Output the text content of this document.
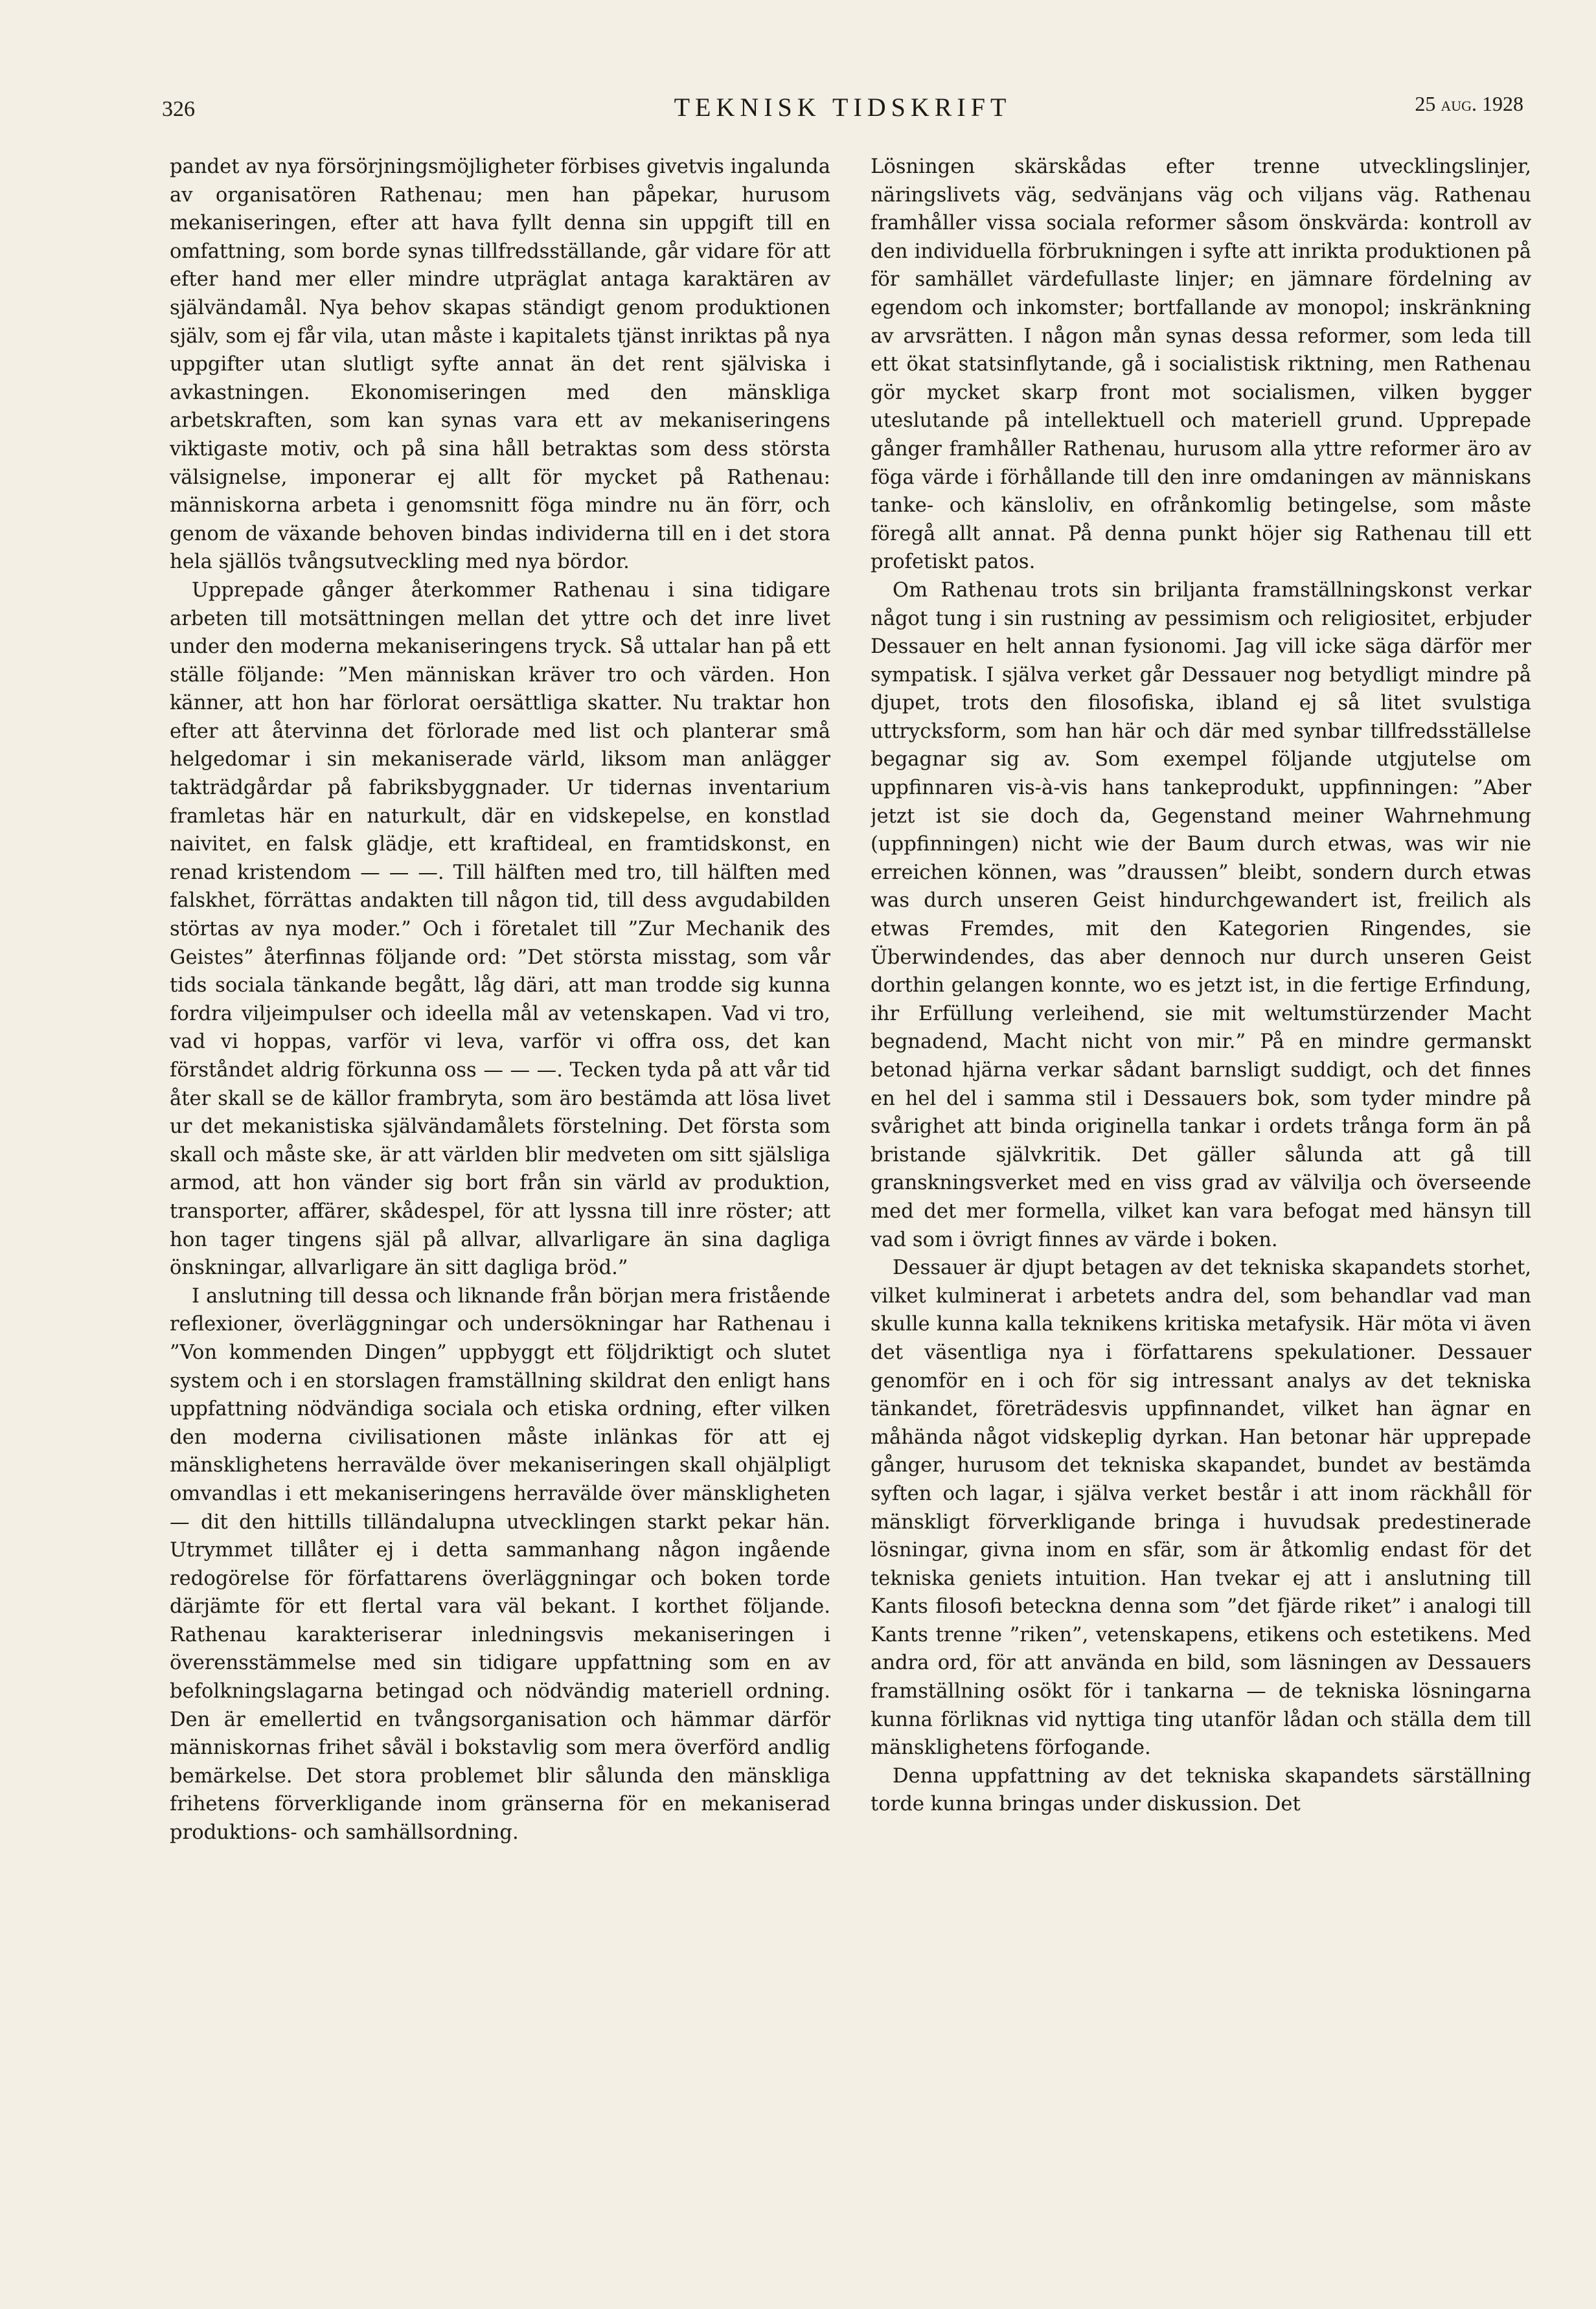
326	TEKNISK TIDSKRIFT	25 aug. 1928

pandet av nya försörjningsmöjligheter förbises givetvis ingalunda av organisatören Rathenau; men han påpekar, hurusom mekaniseringen, efter att hava fyllt denna sin uppgift till en omfattning, som borde synas tillfredsställande, går vidare för att efter hand mer eller mindre utpräglat antaga karaktären av självändamål. Nya behov skapas ständigt genom produktionen själv, som ej får vila, utan måste i kapitalets tjänst inriktas på nya uppgifter utan slutligt syfte annat än det rent själviska i avkastningen. Ekonomiseringen med den mänskliga arbetskraften, som kan synas vara ett av mekaniseringens viktigaste motiv, och på sina håll betraktas som dess största välsignelse, imponerar ej allt för mycket på Rathenau: människorna arbeta i genomsnitt föga mindre nu än förr, och genom de växande behoven bindas individerna till en i det stora hela själlös tvångsutveckling med nya bördor.

Upprepade gånger återkommer Rathenau i sina tidigare arbeten till motsättningen mellan det yttre och det inre livet under den moderna mekaniseringens tryck. Så uttalar han på ett ställe följande: ”Men människan kräver tro och värden. Hon känner, att hon har förlorat oersättliga skatter. Nu traktar hon efter att återvinna det förlorade med list och planterar små helgedomar i sin mekaniserade värld, liksom man anlägger takträdgårdar på fabriksbyggnader. Ur tidernas inventarium framletas här en naturkult, där en vidskepelse, en konstlad naivitet, en falsk glädje, ett kraftideal, en framtidskonst, en renad kristendom — — —. Till hälften med tro, till hälften med falskhet, förrättas andakten till någon tid, till dess avgudabilden störtas av nya moder.” Och i företalet till ”Zur Mechanik des Geistes” återfinnas följande ord: ”Det största misstag, som vår tids sociala tänkande begått, låg däri, att man trodde sig kunna fordra viljeimpulser och ideella mål av vetenskapen. Vad vi tro, vad vi hoppas, varför vi leva, varför vi offra oss, det kan förståndet aldrig förkunna oss — — —. Tecken tyda på att vår tid åter skall se de källor frambryta, som äro bestämda att lösa livet ur det mekanistiska självändamålets förstelning. Det första som skall och måste ske, är att världen blir medveten om sitt själsliga armod, att hon vänder sig bort från sin värld av produktion, transporter, affärer, skådespel, för att lyssna till inre röster; att hon tager tingens själ på allvar, allvarligare än sina dagliga önskningar, allvarligare än sitt dagliga bröd.”

I anslutning till dessa och liknande från början mera fristående reflexioner, överläggningar och undersökningar har Rathenau i ”Von kommenden Dingen” uppbyggt ett följdriktigt och slutet system och i en storslagen framställning skildrat den enligt hans uppfattning nödvändiga sociala och etiska ordning, efter vilken den moderna civilisationen måste inlänkas för att ej mänsklighetens herravälde över mekaniseringen skall ohjälpligt omvandlas i ett mekaniseringens herravälde över mänskligheten — dit den hittills tilländalupna utvecklingen starkt pekar hän. Utrymmet tillåter ej i detta sammanhang någon ingående redogörelse för författarens överläggningar och boken torde därjämte för ett flertal vara väl bekant. I korthet följande. Rathenau karakteriserar inledningsvis mekaniseringen i överensstämmelse med sin tidigare uppfattning som en av befolkningslagarna betingad och nödvändig materiell ordning. Den är emellertid en tvångsorganisation och hämmar därför människornas frihet såväl i bokstavlig som mera överförd andlig bemärkelse. Det stora problemet blir sålunda den mänskliga frihetens förverkligande inom gränserna för en mekaniserad produktions- och samhällsordning.

Lösningen skärskådas efter trenne utvecklingslinjer, näringslivets väg, sedvänjans väg och viljans väg. Rathenau framhåller vissa sociala reformer såsom önskvärda: kontroll av den individuella förbrukningen i syfte att inrikta produktionen på för samhället värdefullaste linjer; en jämnare fördelning av egendom och inkomster; bortfallande av monopol; inskränkning av arvsrätten. I någon mån synas dessa reformer, som leda till ett ökat statsinflytande, gå i socialistisk riktning, men Rathenau gör mycket skarp front mot socialismen, vilken bygger uteslutande på intellektuell och materiell grund. Upprepade gånger framhåller Rathenau, hurusom alla yttre reformer äro av föga värde i förhållande till den inre omdaningen av människans tanke- och känsloliv, en ofrånkomlig betingelse, som måste föregå allt annat. På denna punkt höjer sig Rathenau till ett profetiskt patos.

Om Rathenau trots sin briljanta framställningskonst verkar något tung i sin rustning av pessimism och religiositet, erbjuder Dessauer en helt annan fysionomi. Jag vill icke säga därför mer sympatisk. I själva verket går Dessauer nog betydligt mindre på djupet, trots den filosofiska, ibland ej så litet svulstiga uttrycksform, som han här och där med synbar tillfredsställelse begagnar sig av. Som exempel följande utgjutelse om uppfinnaren vis-à-vis hans tankeprodukt, uppfinningen: ”Aber jetzt ist sie doch da, Gegenstand meiner Wahrnehmung (uppfinningen) nicht wie der Baum durch etwas, was wir nie erreichen können, was ”draussen” bleibt, sondern durch etwas was durch unseren Geist hindurchgewandert ist, freilich als etwas Fremdes, mit den Kategorien Ringendes, sie Überwindendes, das aber dennoch nur durch unseren Geist dorthin gelangen konnte, wo es jetzt ist, in die fertige Erfindung, ihr Erfüllung verleihend, sie mit weltumstürzender Macht begnadend, Macht nicht von mir.” På en mindre germanskt betonad hjärna verkar sådant barnsligt suddigt, och det finnes en hel del i samma stil i Dessauers bok, som tyder mindre på svårighet att binda originella tankar i ordets trånga form än på bristande självkritik. Det gäller sålunda att gå till granskningsverket med en viss grad av välvilja och överseende med det mer formella, vilket kan vara befogat med hänsyn till vad som i övrigt finnes av värde i boken.

Dessauer är djupt betagen av det tekniska skapandets storhet, vilket kulminerat i arbetets andra del, som behandlar vad man skulle kunna kalla teknikens kritiska metafysik. Här möta vi även det väsentliga nya i författarens spekulationer. Dessauer genomför en i och för sig intressant analys av det tekniska tänkandet, företrädesvis uppfinnandet, vilket han ägnar en måhända något vidskeplig dyrkan. Han betonar här upprepade gånger, hurusom det tekniska skapandet, bundet av bestämda syften och lagar, i själva verket består i att inom räckhåll för mänskligt förverkligande bringa i huvudsak predestinerade lösningar, givna inom en sfär, som är åtkomlig endast för det tekniska geniets intuition. Han tvekar ej att i anslutning till Kants filosofi beteckna denna som ”det fjärde riket” i analogi till Kants trenne ”riken”, vetenskapens, etikens och estetikens. Med andra ord, för att använda en bild, som läsningen av Dessauers framställning osökt för i tankarna — de tekniska lösningarna kunna förliknas vid nyttiga ting utanför lådan och ställa dem till mänsklighetens förfogande.

Denna uppfattning av det tekniska skapandets särställning torde kunna bringas under diskussion. Det
